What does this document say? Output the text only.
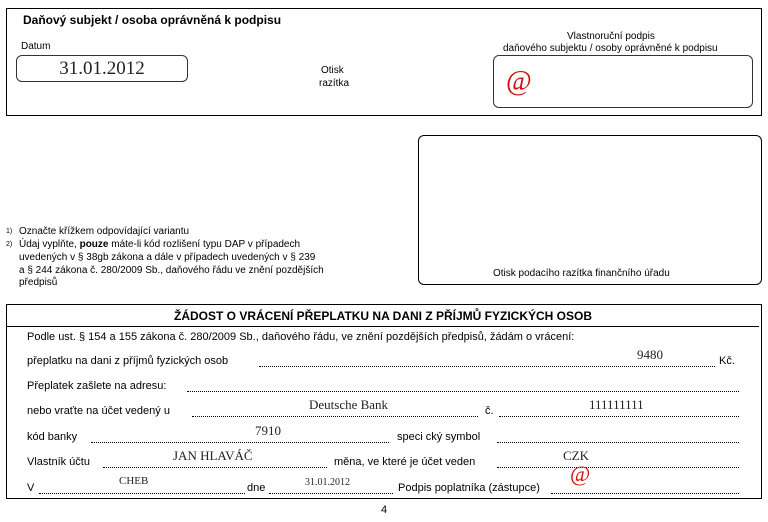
Daňový subjekt / osoba oprávněná k podpisu
Datum
31.01.2012	Otisk
razítka
Vlastnoruční podpis
daňového subjektu / osoby oprávněné k podpisu
@
Otisk podacího razítka finančního úřadu
$^{1)}$ Označte křížkem odpovídající variantu
$^{2)}$ Údaj vyplňte, pouze máte-li kód rozlišení typu DAP v případech
uvedených v § 38gb zákona a dále v případech uvedených v § 239
a § 244 zákona č. 280/2009 Sb., daňového řádu ve znění pozdějších
předpisů
ŽÁDOST O VRÁCENÍ PŘEPLATKU NA DANI Z PŘÍJMŮ FYZICKÝCH OSOB
Podle ust. § 154 a 155 zákona č. 280/2009 Sb., daňového řádu, ve znění pozdějších předpisů, žádám o vrácení:
přeplatku na dani z příjmů fyzických osob	9480	Kč.
Přeplatek zašlete na adresu:
nebo vraťte na účet vedený u	Deutsche Bank	č.	111111111
kód banky	7910	speci cký symbol
Vlastník účtu	JAN HLAVÁČ	měna, ve které je účet veden	CZK
V
CHEB
dne	31.01.2012	Podpis poplatníka (zástupce)
@
4
